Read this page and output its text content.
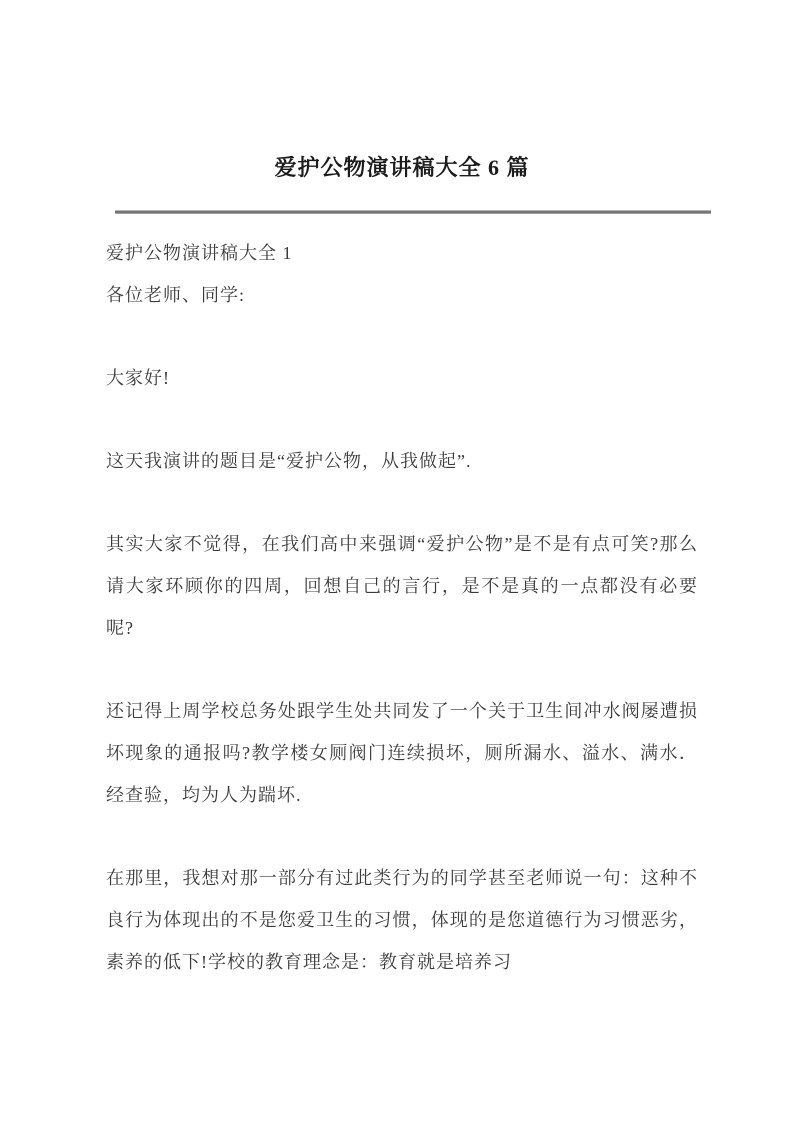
爱护公物演讲稿大全 6 篇

爱护公物演讲稿大全 1

各位老师、同学:

大家好!

这天我演讲的题目是“爱护公物，从我做起”.

其实大家不觉得，在我们高中来强调“爱护公物”是不是有点可笑?那么请大家环顾你的四周，回想自己的言行，是不是真的一点都没有必要呢?

还记得上周学校总务处跟学生处共同发了一个关于卫生间冲水阀屡遭损坏现象的通报吗?教学楼女厕阀门连续损坏，厕所漏水、溢水、满水．经查验，均为人为踹坏.

在那里，我想对那一部分有过此类行为的同学甚至老师说一句：这种不良行为体现出的不是您爱卫生的习惯，体现的是您道德行为习惯恶劣，素养的低下!学校的教育理念是：教育就是培养习
